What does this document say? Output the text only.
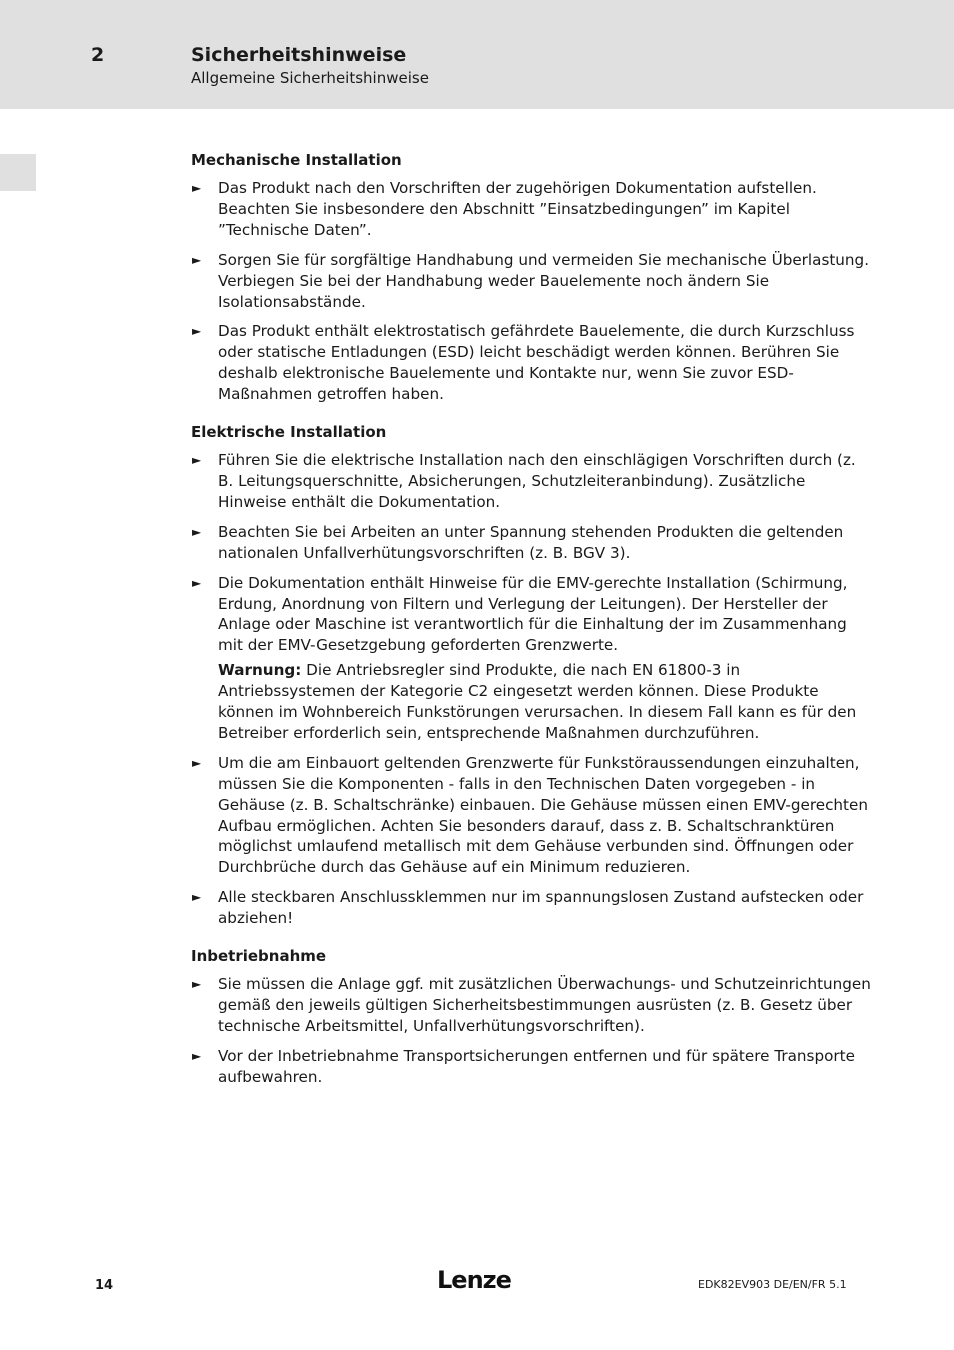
2	Sicherheitshinweise
Allgemeine Sicherheitshinweise
Mechanische Installation
► Das Produkt nach den Vorschriften der zugehörigen Dokumentation aufstellen. Beachten Sie insbesondere den Abschnitt ”Einsatzbedingungen” im Kapitel ”Technische Daten”.

► Sorgen Sie für sorgfältige Handhabung und vermeiden Sie mechanische Überlastung. Verbiegen Sie bei der Handhabung weder Bauelemente noch ändern Sie Isolationsabstände.

► Das Produkt enthält elektrostatisch gefährdete Bauelemente, die durch Kurzschluss oder statische Entladungen (ESD) leicht beschädigt werden können. Berühren Sie deshalb elektronische Bauelemente und Kontakte nur, wenn Sie zuvor ESD-Maßnahmen getroffen haben.

Elektrische Installation
► Führen Sie die elektrische Installation nach den einschlägigen Vorschriften durch (z. B. Leitungsquerschnitte, Absicherungen, Schutzleiteranbindung). Zusätzliche Hinweise enthält die Dokumentation.

► Beachten Sie bei Arbeiten an unter Spannung stehenden Produkten die geltenden nationalen Unfallverhütungsvorschriften (z. B. BGV 3).

► Die Dokumentation enthält Hinweise für die EMV-gerechte Installation (Schirmung, Erdung, Anordnung von Filtern und Verlegung der Leitungen). Der Hersteller der Anlage oder Maschine ist verantwortlich für die Einhaltung der im Zusammenhang mit der EMV-Gesetzgebung geforderten Grenzwerte.

Warnung: Die Antriebsregler sind Produkte, die nach EN 61800-3 in Antriebssystemen der Kategorie C2 eingesetzt werden können. Diese Produkte können im Wohnbereich Funkstörungen verursachen. In diesem Fall kann es für den Betreiber erforderlich sein, entsprechende Maßnahmen durchzuführen.

► Um die am Einbauort geltenden Grenzwerte für Funkstöraussendungen einzuhalten, müssen Sie die Komponenten - falls in den Technischen Daten vorgegeben - in Gehäuse (z. B. Schaltschränke) einbauen. Die Gehäuse müssen einen EMV-gerechten Aufbau ermöglichen. Achten Sie besonders darauf, dass z. B. Schaltschranktüren möglichst umlaufend metallisch mit dem Gehäuse verbunden sind. Öffnungen oder Durchbrüche durch das Gehäuse auf ein Minimum reduzieren.

► Alle steckbaren Anschlussklemmen nur im spannungslosen Zustand aufstecken oder abziehen!

Inbetriebnahme
► Sie müssen die Anlage ggf. mit zusätzlichen Überwachungs- und Schutzeinrichtungen gemäß den jeweils gültigen Sicherheitsbestimmungen ausrüsten (z. B. Gesetz über technische Arbeitsmittel, Unfallverhütungsvorschriften).

► Vor der Inbetriebnahme Transportsicherungen entfernen und für spätere Transporte aufbewahren.

14	Lenze	EDK82EV903 DE/EN/FR 5.1
